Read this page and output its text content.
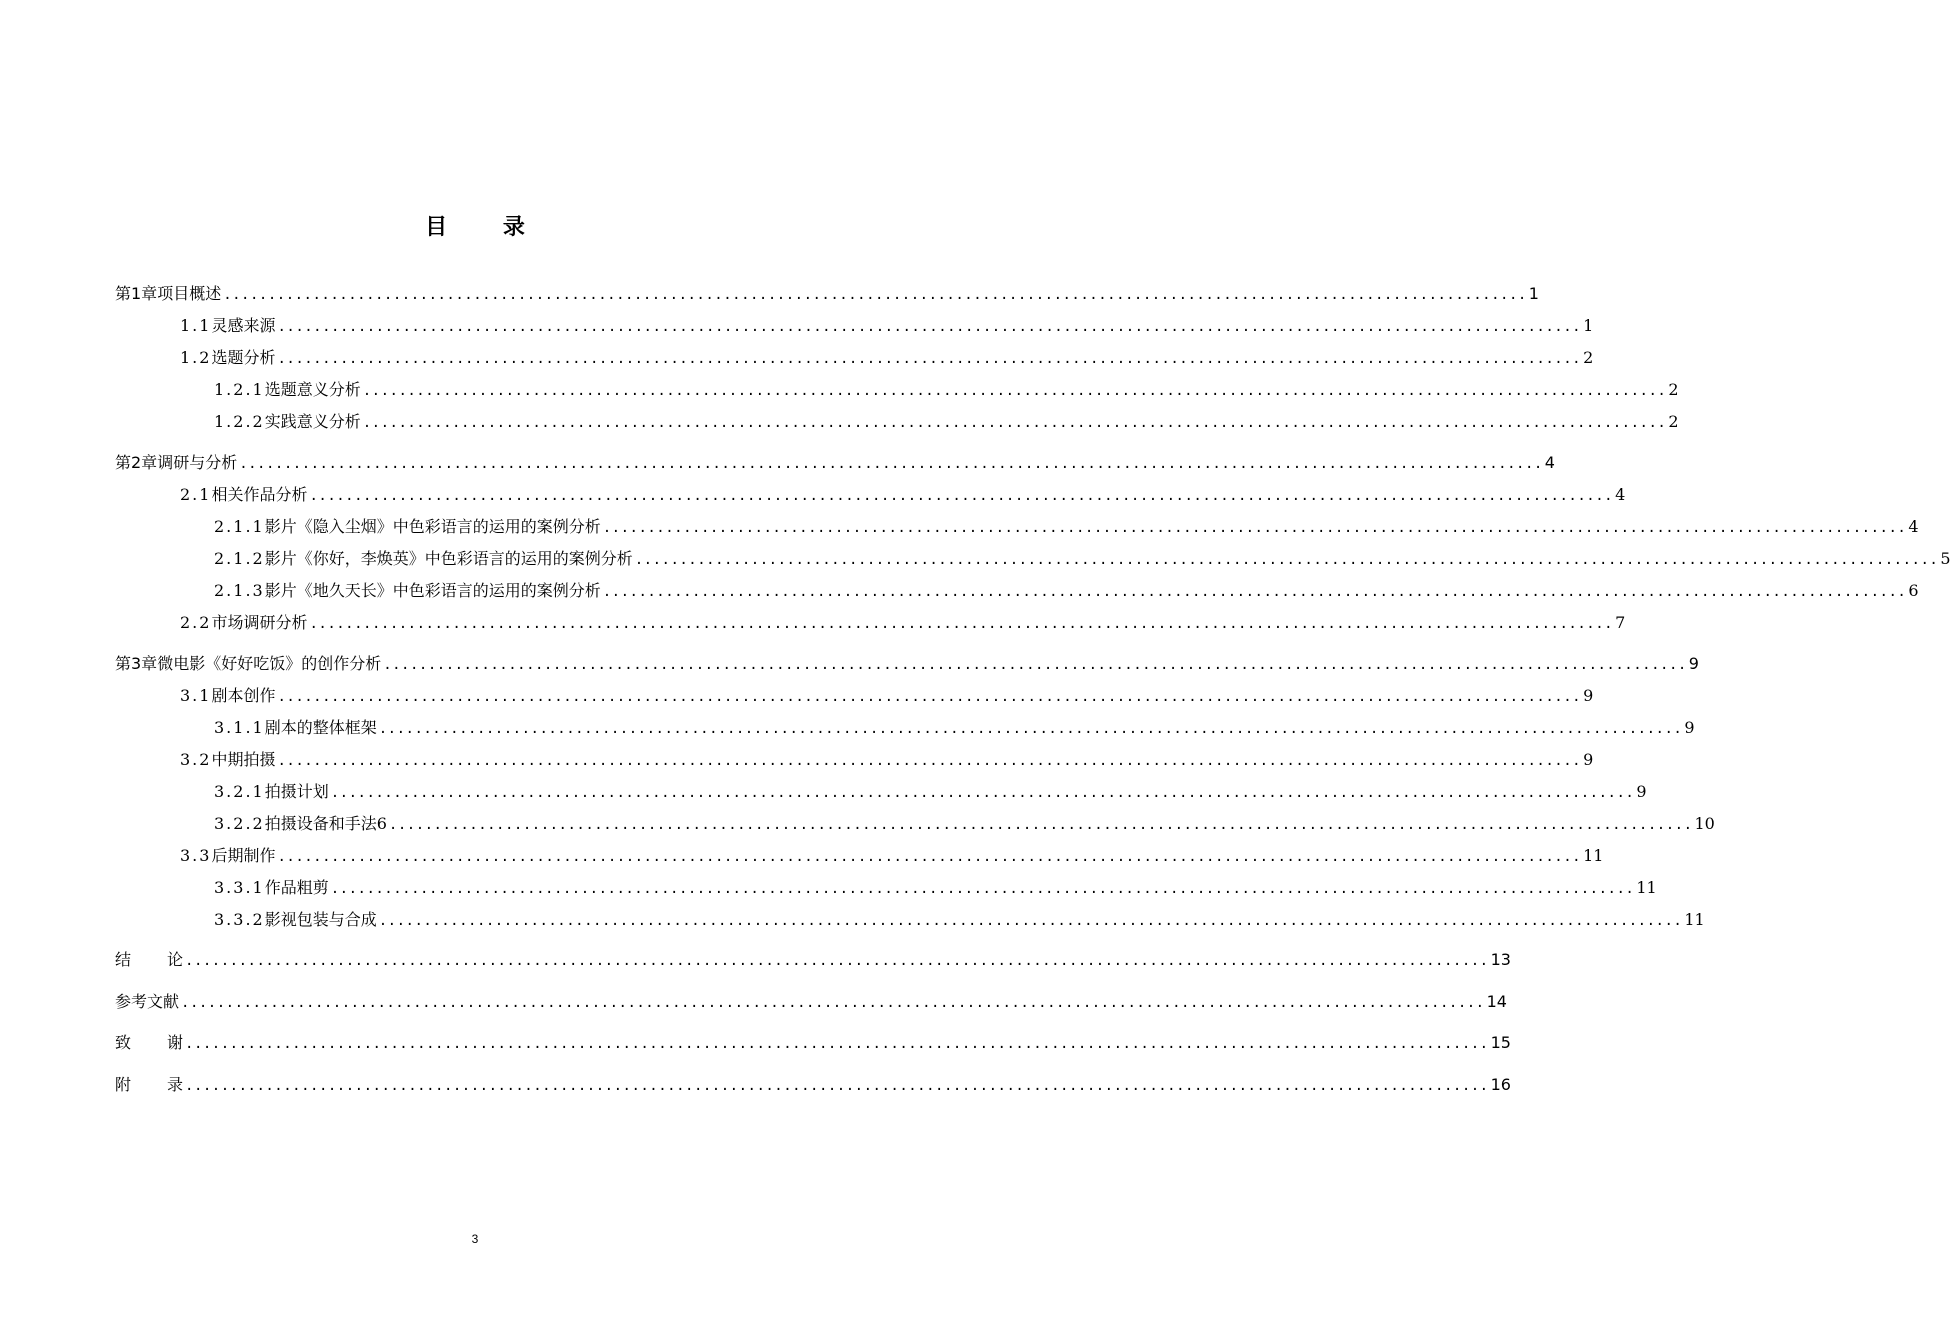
目 录
第1章 项目概述 .................................................................................................................................................. 1
1.1 灵感来源 .................................................................................................................................................. 1
1.2 选题分析 .................................................................................................................................................. 2
1.2.1 选题意义分析 .................................................................................................................................................. 2
1.2.2 实践意义分析 .................................................................................................................................................. 2
第2章 调研与分析 .................................................................................................................................................. 4
2.1 相关作品分析 .................................................................................................................................................. 4
2.1.1 影片《隐入尘烟》中色彩语言的运用的案例分析 .................................................................................................................................................. 4
2.1.2 影片《你好，李焕英》中色彩语言的运用的案例分析 .................................................................................................................................................. 5
2.1.3 影片《地久天长》中色彩语言的运用的案例分析 .................................................................................................................................................. 6
2.2 市场调研分析 .................................................................................................................................................. 7
第3章 微电影《好好吃饭》的创作分析 .................................................................................................................................................. 9
3.1 剧本创作 .................................................................................................................................................. 9
3.1.1 剧本的整体框架 .................................................................................................................................................. 9
3.2 中期拍摄 .................................................................................................................................................. 9
3.2.1 拍摄计划 .................................................................................................................................................. 9
3.2.2 拍摄设备和手法6 .................................................................................................................................................. 10
3.3 后期制作 .................................................................................................................................................. 11
3.3.1 作品粗剪 .................................................................................................................................................. 11
3.3.2 影视包装与合成 .................................................................................................................................................. 11
结论
.................................................................................................................................................. 13
参考文献 .................................................................................................................................................. 14
致谢
.................................................................................................................................................. 15
附录
.................................................................................................................................................. 16
3
